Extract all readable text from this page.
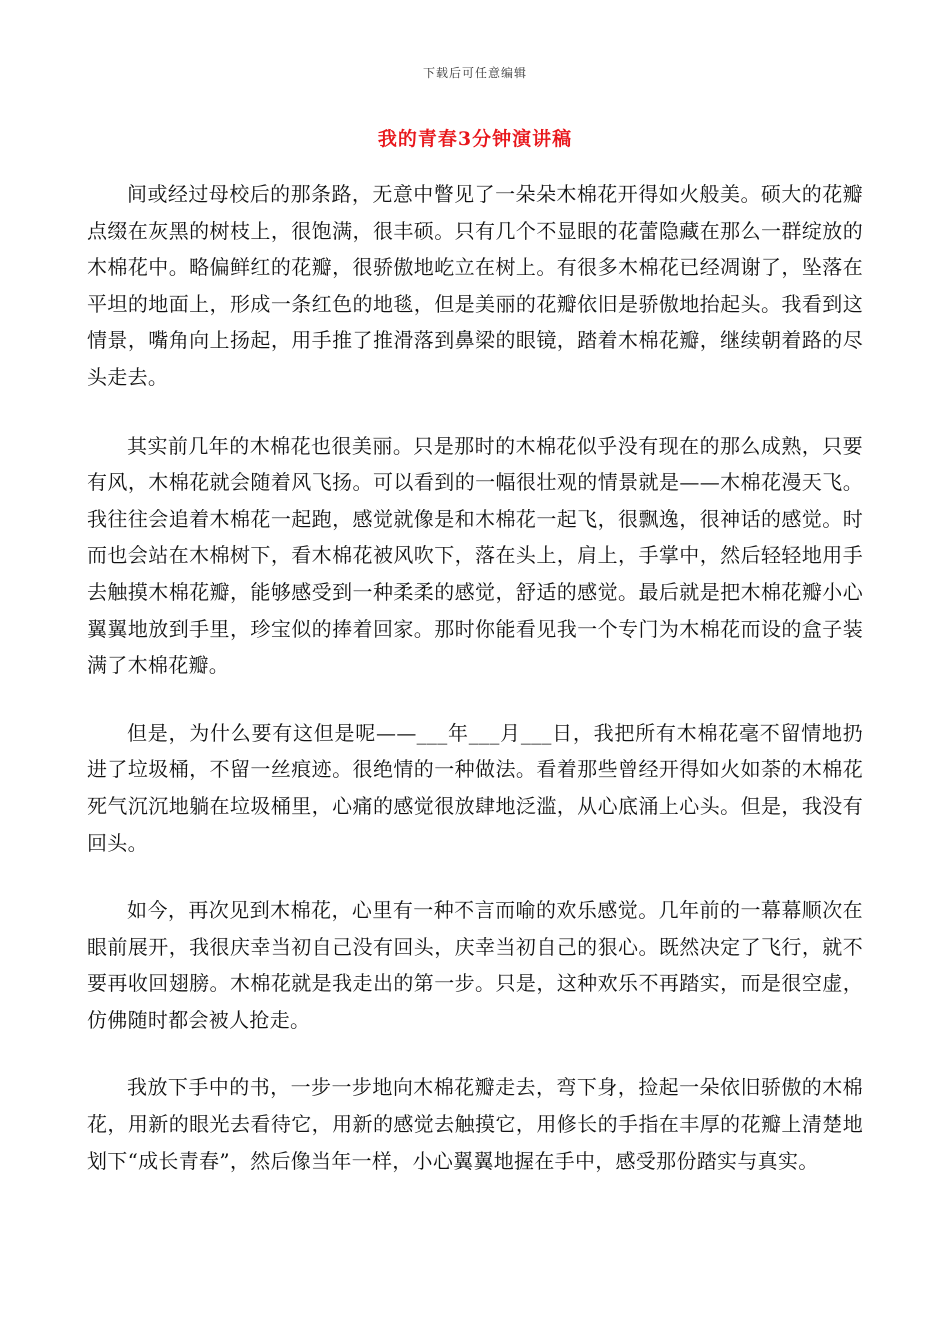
下载后可任意编辑
我的青春3分钟演讲稿

间或经过母校后的那条路，无意中瞥见了一朵朵木棉花开得如火般美。硕大的花瓣点缀在灰黑的树枝上，很饱满，很丰硕。只有几个不显眼的花蕾隐藏在那么一群绽放的木棉花中。略偏鲜红的花瓣，很骄傲地屹立在树上。有很多木棉花已经凋谢了，坠落在平坦的地面上，形成一条红色的地毯，但是美丽的花瓣依旧是骄傲地抬起头。我看到这情景，嘴角向上扬起，用手推了推滑落到鼻梁的眼镜，踏着木棉花瓣，继续朝着路的尽头走去。

其实前几年的木棉花也很美丽。只是那时的木棉花似乎没有现在的那么成熟，只要有风，木棉花就会随着风飞扬。可以看到的一幅很壮观的情景就是——木棉花漫天飞。我往往会追着木棉花一起跑，感觉就像是和木棉花一起飞，很飘逸，很神话的感觉。时而也会站在木棉树下，看木棉花被风吹下，落在头上，肩上，手掌中，然后轻轻地用手去触摸木棉花瓣，能够感受到一种柔柔的感觉，舒适的感觉。最后就是把木棉花瓣小心翼翼地放到手里，珍宝似的捧着回家。那时你能看见我一个专门为木棉花而设的盒子装满了木棉花瓣。

但是，为什么要有这但是呢——___年___月___日，我把所有木棉花毫不留情地扔进了垃圾桶，不留一丝痕迹。很绝情的一种做法。看着那些曾经开得如火如荼的木棉花死气沉沉地躺在垃圾桶里，心痛的感觉很放肆地泛滥，从心底涌上心头。但是，我没有回头。

如今，再次见到木棉花，心里有一种不言而喻的欢乐感觉。几年前的一幕幕顺次在眼前展开，我很庆幸当初自己没有回头，庆幸当初自己的狠心。既然决定了飞行，就不要再收回翅膀。木棉花就是我走出的第一步。只是，这种欢乐不再踏实，而是很空虚，仿佛随时都会被人抢走。

我放下手中的书，一步一步地向木棉花瓣走去，弯下身，捡起一朵依旧骄傲的木棉花，用新的眼光去看待它，用新的感觉去触摸它，用修长的手指在丰厚的花瓣上清楚地划下“成长青春”，然后像当年一样，小心翼翼地握在手中，感受那份踏实与真实。
